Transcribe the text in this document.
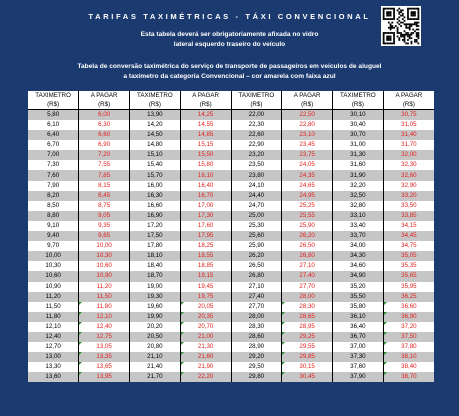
TARIFAS TAXIMÉTRICAS - TÁXI CONVENCIONAL
Esta tabela deverá ser obrigatoriamente afixada no vidro
lateral esquerdo traseiro do veículo
Tabela de conversão taximétrica do serviço de transporte de passageiros em veículos de aluguel
a taxímetro da categoria Convencional – cor amarela com faixa azul
TAXIMETRO	A PAGAR	TAXIMETRO	A PAGAR	TAXIMETRO	A PAGAR	TAXIMETRO	A PAGAR
(R$)	(R$)	(R$)	(R$)	(R$)	(R$)	(R$)	(R$)
5,80	6,00	13,90	14,25	22,00	22,50	30,10	30,75
6,10	6,30	14,20	14,55	22,30	22,80	30,40	31,05
6,40	6,60	14,50	14,85	22,60	23,10	30,70	31,40
6,70	6,90	14,80	15,15	22,90	23,45	31,00	31,70
7,00	7,20	15,10	15,50	23,20	23,75	31,30	32,00
7,30	7,55	15,40	15,80	23,50	24,05	31,60	32,30
7,60	7,85	15,70	16,10	23,80	24,35	31,90	32,60
7,90	8,15	16,00	16,40	24,10	24,65	32,20	32,90
8,20	8,45	16,30	16,70	24,40	24,95	32,50	33,20
8,50	8,75	16,60	17,00	24,70	25,25	32,80	33,50
8,80	9,05	16,90	17,30	25,00	25,55	33,10	33,85
9,10	9,35	17,20	17,60	25,30	25,90	33,40	34,15
9,40	9,65	17,50	17,95	25,60	26,20	33,70	34,45
9,70	10,00	17,80	18,25	25,90	26,50	34,00	34,75
10,00	10,30	18,10	18,55	26,20	26,80	34,30	35,05
10,30	10,60	18,40	18,85	26,50	27,10	34,60	35,35
10,60	10,90	18,70	19,15	26,80	27,40	34,90	35,65
10,90	11,20	19,00	19,45	27,10	27,70	35,20	35,95
11,20	11,50	19,30	19,75	27,40	28,00	35,50	36,25
11,50	11,80	19,60	20,05	27,70	28,30	35,80	36,60
11,80	12,10	19,90	20,35	28,00	28,65	36,10	36,90
12,10	12,40	20,20	20,70	28,30	28,95	36,40	37,20
12,40	12,75	20,50	21,00	28,60	29,25	36,70	37,50
12,70	13,05	20,80	21,30	28,90	29,55	37,00	37,80
13,00	13,35	21,10	21,60	29,20	29,85	37,30	38,10
13,30	13,65	21,40	21,90	29,50	30,15	37,60	38,40
13,60	13,95	21,70	22,20	29,80	30,45	37,90	38,70
